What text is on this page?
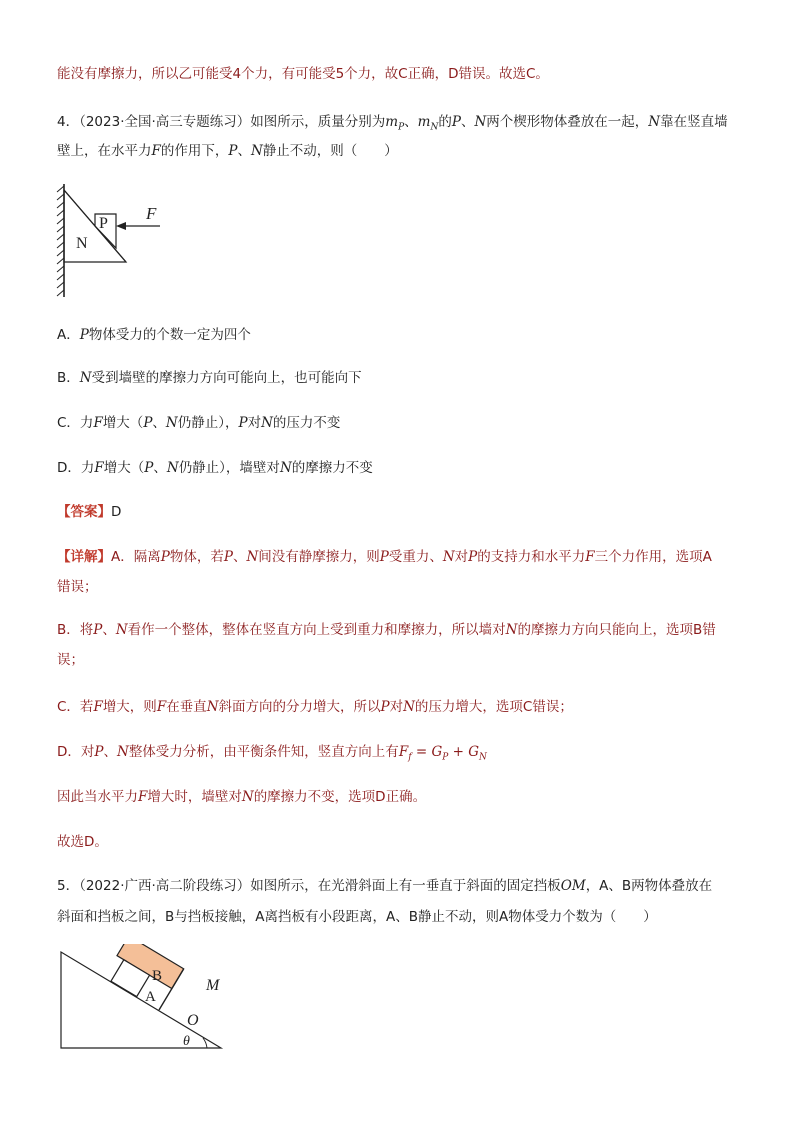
能没有摩擦力，所以乙可能受4个力，有可能受5个力，故C正确，D错误。故选C。
4．（2023·全国·高三专题练习）如图所示，质量分别为$m_P$、$m_N$的P、N两个楔形物体叠放在一起，N靠在竖直墙
壁上，在水平力F的作用下，P、N静止不动，则（　　）
P
N
F
A．P物体受力的个数一定为四个
B．N受到墙壁的摩擦力方向可能向上，也可能向下
C．力F增大（P、N仍静止），P对N的压力不变
D．力F增大（P、N仍静止），墙壁对N的摩擦力不变
【答案】D
【详解】A．隔离P物体，若P、N间没有静摩擦力，则P受重力、N对P的支持力和水平力F三个力作用，选项A
错误；
B．将P、N看作一个整体，整体在竖直方向上受到重力和摩擦力，所以墙对N的摩擦力方向只能向上，选项B错
误；
C．若F增大，则F在垂直N斜面方向的分力增大，所以P对N的压力增大，选项C错误；
D．对P、N整体受力分析，由平衡条件知，竖直方向上有$F_f = G_P + G_N$
因此当水平力F增大时，墙壁对N的摩擦力不变，选项D正确。
故选D。
5．（2022·广西·高二阶段练习）如图所示，在光滑斜面上有一垂直于斜面的固定挡板OM，A、B两物体叠放在
斜面和挡板之间，B与挡板接触，A离挡板有小段距离，A、B静止不动，则A物体受力个数为（　　）
B
A
M
O
θ
